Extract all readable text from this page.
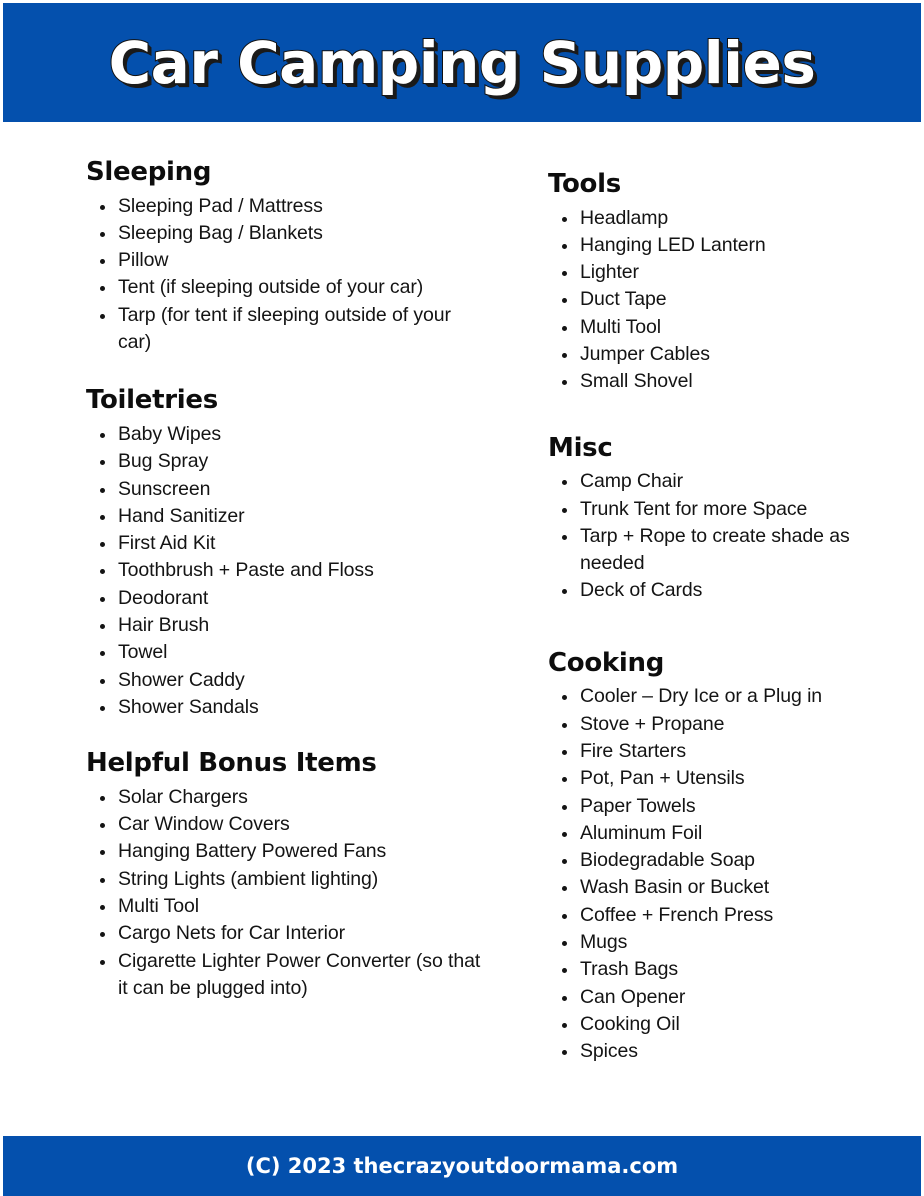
Car Camping Supplies
Sleeping
Sleeping Pad / Mattress
Sleeping Bag / Blankets
Pillow
Tent (if sleeping outside of your car)
Tarp (for tent if sleeping outside of your car)
Toiletries
Baby Wipes
Bug Spray
Sunscreen
Hand Sanitizer
First Aid Kit
Toothbrush + Paste and Floss
Deodorant
Hair Brush
Towel
Shower Caddy
Shower Sandals
Helpful Bonus Items
Solar Chargers
Car Window Covers
Hanging Battery Powered Fans
String Lights (ambient lighting)
Multi Tool
Cargo Nets for Car Interior
Cigarette Lighter Power Converter (so that it can be plugged into)
Tools
Headlamp
Hanging LED Lantern
Lighter
Duct Tape
Multi Tool
Jumper Cables
Small Shovel
Misc
Camp Chair
Trunk Tent for more Space
Tarp + Rope to create shade as needed
Deck of Cards
Cooking
Cooler – Dry Ice or a Plug in
Stove + Propane
Fire Starters
Pot, Pan + Utensils
Paper Towels
Aluminum Foil
Biodegradable Soap
Wash Basin or Bucket
Coffee + French Press
Mugs
Trash Bags
Can Opener
Cooking Oil
Spices
(C) 2023 thecrazyoutdoormama.com
